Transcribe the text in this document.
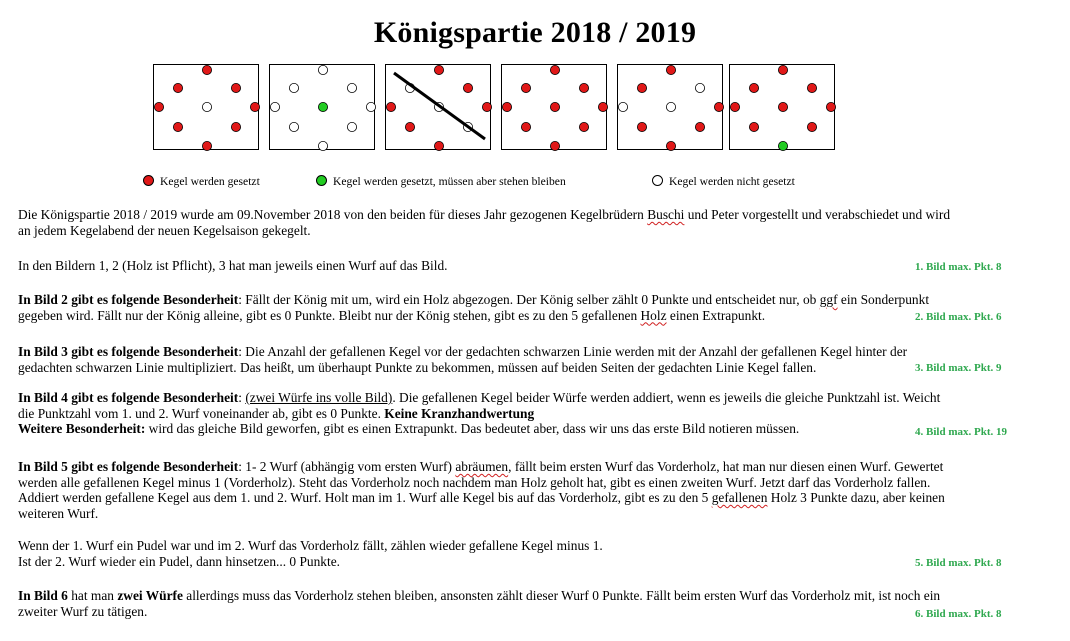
Königspartie 2018 / 2019
Kegel werden gesetzt	Kegel werden gesetzt, müssen aber stehen bleiben	Kegel werden nicht gesetzt
Die Königspartie 2018 / 2019 wurde am 09.November 2018 von den beiden für dieses Jahr gezogenen Kegelbrüdern Buschi und Peter vorgestellt und verabschiedet und wird
an jedem Kegelabend der neuen Kegelsaison gekegelt.
In den Bildern 1, 2 (Holz ist Pflicht), 3 hat man jeweils einen Wurf auf das Bild.	1. Bild max. Pkt. 8
In Bild 2 gibt es folgende Besonderheit: Fällt der König mit um, wird ein Holz abgezogen. Der König selber zählt 0 Punkte und entscheidet nur, ob ggf ein Sonderpunkt
gegeben wird. Fällt nur der König alleine, gibt es 0 Punkte. Bleibt nur der König stehen, gibt es zu den 5 gefallenen Holz einen Extrapunkt.	2. Bild max. Pkt. 6
In Bild 3 gibt es folgende Besonderheit: Die Anzahl der gefallenen Kegel vor der gedachten schwarzen Linie werden mit der Anzahl der gefallenen Kegel hinter der
gedachten schwarzen Linie multipliziert. Das heißt, um überhaupt Punkte zu bekommen, müssen auf beiden Seiten der gedachten Linie Kegel fallen.	3. Bild max. Pkt. 9
In Bild 4 gibt es folgende Besonderheit: (zwei Würfe ins volle Bild). Die gefallenen Kegel beider Würfe werden addiert, wenn es jeweils die gleiche Punktzahl ist. Weicht
die Punktzahl vom 1. und 2. Wurf voneinander ab, gibt es 0 Punkte. Keine Kranzhandwertung
Weitere Besonderheit: wird das gleiche Bild geworfen, gibt es einen Extrapunkt. Das bedeutet aber, dass wir uns das erste Bild notieren müssen.	4. Bild max. Pkt. 19
In Bild 5 gibt es folgende Besonderheit: 1- 2 Wurf (abhängig vom ersten Wurf) abräumen, fällt beim ersten Wurf das Vorderholz, hat man nur diesen einen Wurf. Gewertet
werden alle gefallenen Kegel minus 1 (Vorderholz). Steht das Vorderholz noch nachdem man Holz geholt hat, gibt es einen zweiten Wurf. Jetzt darf das Vorderholz fallen.
Addiert werden gefallene Kegel aus dem 1. und 2. Wurf. Holt man im 1. Wurf alle Kegel bis auf das Vorderholz, gibt es zu den 5 gefallenen Holz 3 Punkte dazu, aber keinen
weiteren Wurf.
Wenn der 1. Wurf ein Pudel war und im 2. Wurf das Vorderholz fällt, zählen wieder gefallene Kegel minus 1.
Ist der 2. Wurf wieder ein Pudel, dann hinsetzen... 0 Punkte.	5. Bild max. Pkt. 8
In Bild 6 hat man zwei Würfe allerdings muss das Vorderholz stehen bleiben, ansonsten zählt dieser Wurf 0 Punkte. Fällt beim ersten Wurf das Vorderholz mit, ist noch ein
zweiter Wurf zu tätigen.	6. Bild max. Pkt. 8
